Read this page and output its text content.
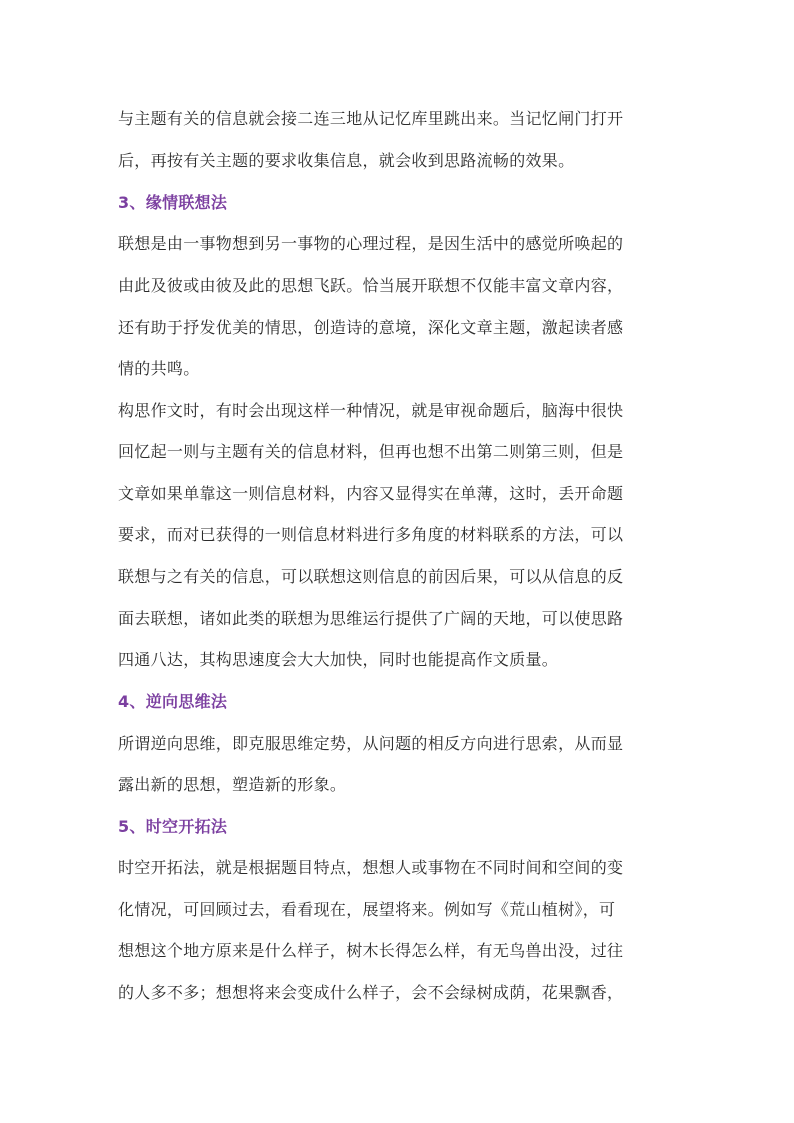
与主题有关的信息就会接二连三地从记忆库里跳出来。当记忆闸门打开
后，再按有关主题的要求收集信息，就会收到思路流畅的效果。
3、缘情联想法
联想是由一事物想到另一事物的心理过程，是因生活中的感觉所唤起的
由此及彼或由彼及此的思想飞跃。恰当展开联想不仅能丰富文章内容，
还有助于抒发优美的情思，创造诗的意境，深化文章主题，激起读者感
情的共鸣。
构思作文时，有时会出现这样一种情况，就是审视命题后，脑海中很快
回忆起一则与主题有关的信息材料，但再也想不出第二则第三则，但是
文章如果单靠这一则信息材料，内容又显得实在单薄，这时，丢开命题
要求，而对已获得的一则信息材料进行多角度的材料联系的方法，可以
联想与之有关的信息，可以联想这则信息的前因后果，可以从信息的反
面去联想，诸如此类的联想为思维运行提供了广阔的天地，可以使思路
四通八达，其构思速度会大大加快，同时也能提高作文质量。
4、逆向思维法
所谓逆向思维，即克服思维定势，从问题的相反方向进行思索，从而显
露出新的思想，塑造新的形象。
5、时空开拓法
时空开拓法，就是根据题目特点，想想人或事物在不同时间和空间的变
化情况，可回顾过去，看看现在，展望将来。例如写《荒山植树》，可
想想这个地方原来是什么样子，树木长得怎么样，有无鸟兽出没，过往
的人多不多；想想将来会变成什么样子，会不会绿树成荫，花果飘香，
